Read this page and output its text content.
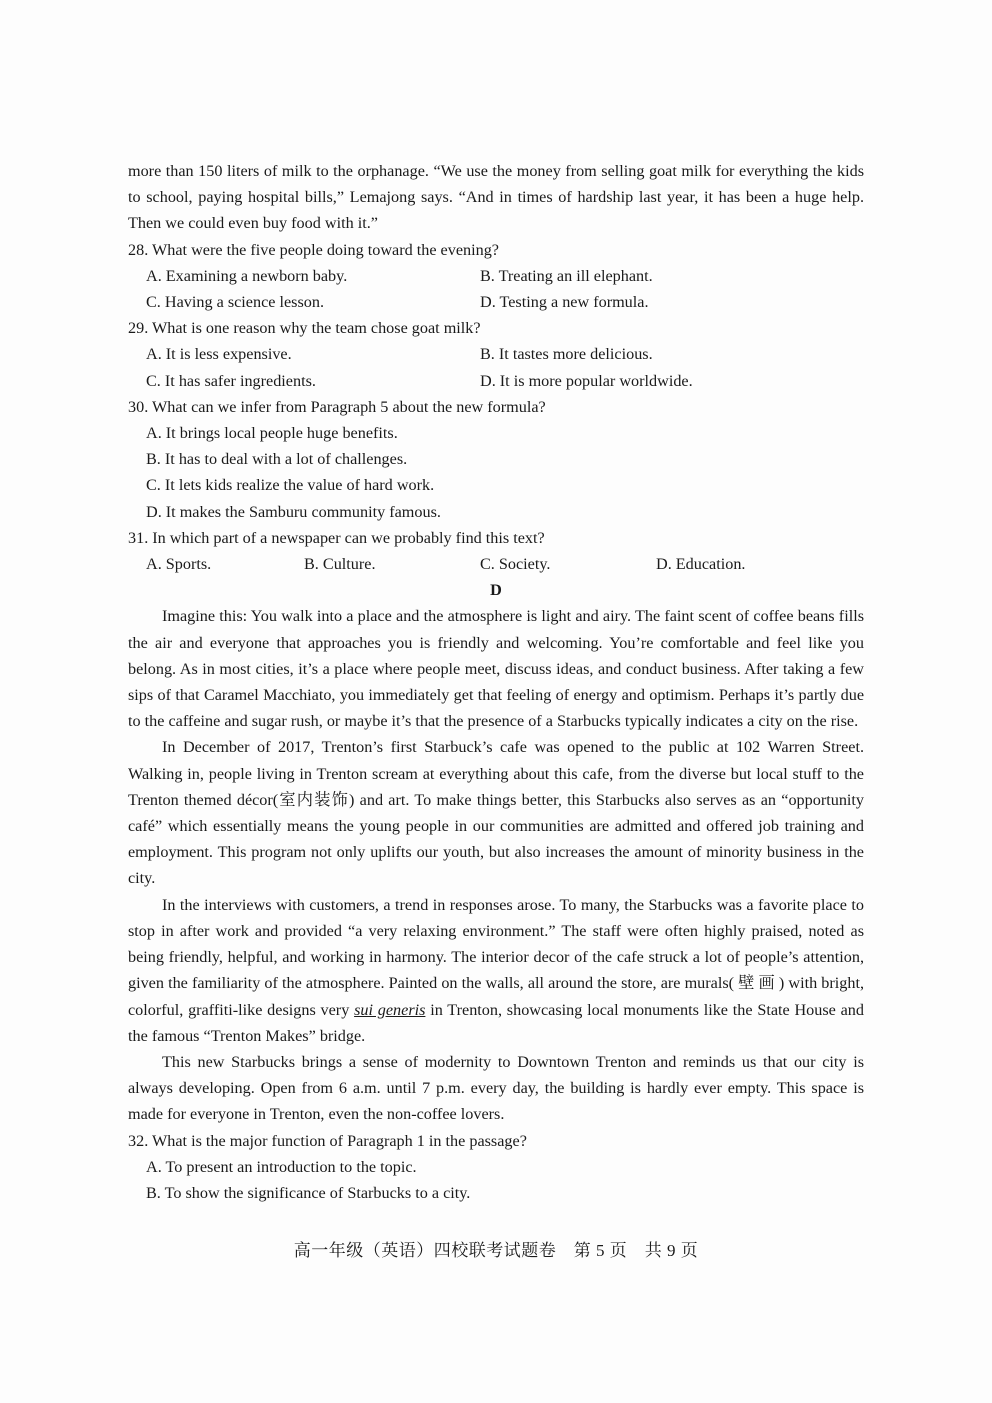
more than 150 liters of milk to the orphanage. “We use the money from selling goat milk for everything the kids to school, paying hospital bills,” Lemajong says. “And in times of hardship last year, it has been a huge help. Then we could even buy food with it.”

28. What were the five people doing toward the evening?

A. Examining a newborn baby.	B. Treating an ill elephant.
C. Having a science lesson.	D. Testing a new formula.

29. What is one reason why the team chose goat milk?

A. It is less expensive.	B. It tastes more delicious.
C. It has safer ingredients.	D. It is more popular worldwide.

30. What can we infer from Paragraph 5 about the new formula?

A. It brings local people huge benefits.
B. It has to deal with a lot of challenges.
C. It lets kids realize the value of hard work.
D. It makes the Samburu community famous.

31. In which part of a newspaper can we probably find this text?

A. Sports.	B. Culture.	C. Society.	D. Education.
D

Imagine this: You walk into a place and the atmosphere is light and airy. The faint scent of coffee beans fills the air and everyone that approaches you is friendly and welcoming. You’re comfortable and feel like you belong. As in most cities, it’s a place where people meet, discuss ideas, and conduct business. After taking a few sips of that Caramel Macchiato, you immediately get that feeling of energy and optimism. Perhaps it’s partly due to the caffeine and sugar rush, or maybe it’s that the presence of a Starbucks typically indicates a city on the rise.

In December of 2017, Trenton’s first Starbuck’s cafe was opened to the public at 102 Warren Street. Walking in, people living in Trenton scream at everything about this cafe, from the diverse but local stuff to the Trenton themed décor(室内装饰) and art. To make things better, this Starbucks also serves as an “opportunity café” which essentially means the young people in our communities are admitted and offered job training and employment. This program not only uplifts our youth, but also increases the amount of minority business in the city.

In the interviews with customers, a trend in responses arose. To many, the Starbucks was a favorite place to stop in after work and provided “a very relaxing environment.” The staff were often highly praised, noted as being friendly, helpful, and working in harmony. The interior decor of the cafe struck a lot of people’s attention, given the familiarity of the atmosphere. Painted on the walls, all around the store, are murals( 壁 画 ) with bright, colorful, graffiti-like designs very sui generis in Trenton, showcasing local monuments like the State House and the famous “Trenton Makes” bridge.

This new Starbucks brings a sense of modernity to Downtown Trenton and reminds us that our city is always developing. Open from 6 a.m. until 7 p.m. every day, the building is hardly ever empty. This space is made for everyone in Trenton, even the non-coffee lovers.

32. What is the major function of Paragraph 1 in the passage?

A. To present an introduction to the topic.
B. To show the significance of Starbucks to a city.
高一年级（英语）四校联考试题卷　第 5 页　共 9 页
